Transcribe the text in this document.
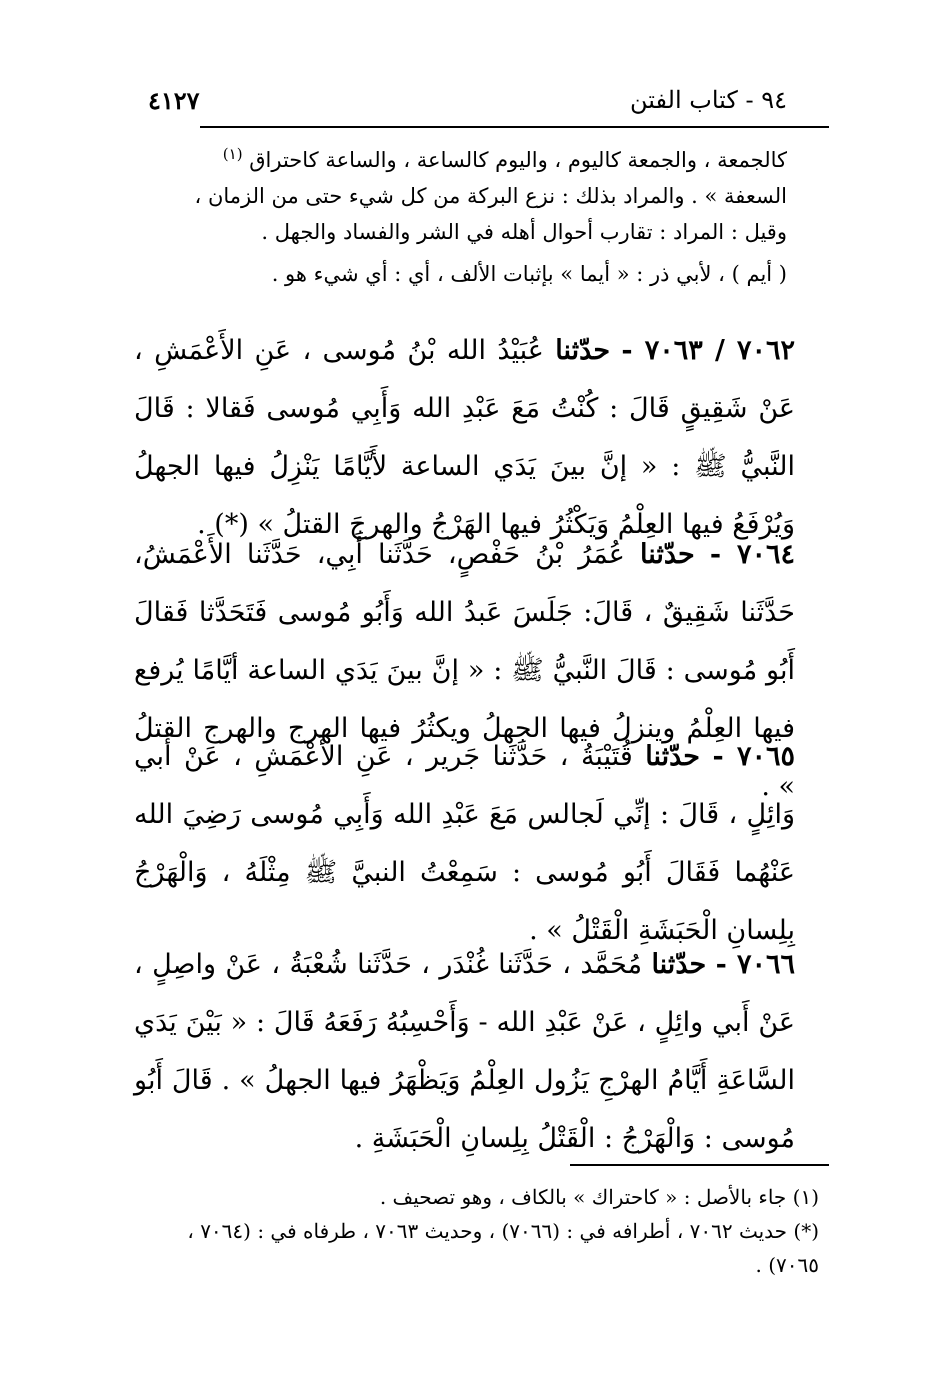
٩٤ - كتاب الفتن
٤١٢٧

كالجمعة ، والجمعة كاليوم ، واليوم كالساعة ، والساعة كاحتراق $^{(١)}$

السعفة » . والمراد بذلك : نزع البركة من كل شيء حتى من الزمان ،

وقيل : المراد : تقارب أحوال أهله في الشر والفساد والجهل .

( أيم ) ، لأبي ذر : « أيما » بإثبات الألف ، أي : أي شيء هو .

٧٠٦٢ / ٧٠٦٣ - حدّثنا عُبَيْدُ الله بْنُ مُوسى ، عَنِ الأَعْمَشِ ، عَنْ شَقِيقٍ قَالَ : كُنْتُ مَعَ عَبْدِ الله وَأَبِي مُوسى فَقالا : قَالَ النَّبيُّ ﷺ : « إنَّ بينَ يَدَي الساعة لأَيَّامًا يَنْزِلُ فيها الجهلُ وَيُرْفَعُ فيها العِلْمُ وَيَكْثُرُ فيها الهَرْجُ والهرجَ القتلُ » (*) .
٧٠٦٤ - حدّثنا عُمَرُ بْنُ حَفْصٍ، حَدَّثَنا أَبِي، حَدَّثَنا الأَعْمَشُ، حَدَّثَنا شَقِيقٌ ، قَالَ: جَلَسَ عَبدُ الله وَأَبُو مُوسى فَتَحَدَّثا فَقالَ أَبُو مُوسى : قَالَ النَّبيُّ ﷺ : « إنَّ بينَ يَدَي الساعة أيَّامًا يُرفع فيها العِلْمُ وينزلُ فيها الجهلُ ويكثُرُ فيها الهرج والهرج القتلُ » .
٧٠٦٥ - حدّثنا قُتَيْبَةُ ، حَدَّثَنا جَرير ، عَنِ الأَعْمَشِ ، عَنْ أَبي وَائِلٍ ، قَالَ : إنِّي لَجالس مَعَ عَبْدِ الله وَأَبِي مُوسى رَضِيَ الله عَنْهُما فَقَالَ أَبُو مُوسى : سَمِعْتُ النبيَّ ﷺ مِثْلَهُ ، وَالْهَرْجُ بِلِسانِ الْحَبَشَةِ الْقَتْلُ » .
٧٠٦٦ - حدّثنا مُحَمَّد ، حَدَّثَنا غُنْدَر ، حَدَّثَنا شُعْبَةُ ، عَنْ واصِلٍ ، عَنْ أَبي وائِلٍ ، عَنْ عَبْدِ الله - وَأَحْسِبُهُ رَفَعَهُ قَالَ : « بَيْنَ يَدَي السَّاعَةِ أَيَّامُ الهرْجِ يَزُول العِلْمُ وَيَظْهَرُ فيها الجهلُ » . قَالَ أَبُو مُوسى : وَالْهَرْجُ : الْقَتْلُ بِلِسانِ الْحَبَشَةِ .

(١) جاء بالأصل : « كاحتراك » بالكاف ، وهو تصحيف .

(*) حديث ٧٠٦٢ ، أطرافه في : (٧٠٦٦) ، وحديث ٧٠٦٣ ، طرفاه في : (٧٠٦٤ ، ٧٠٦٥) .
